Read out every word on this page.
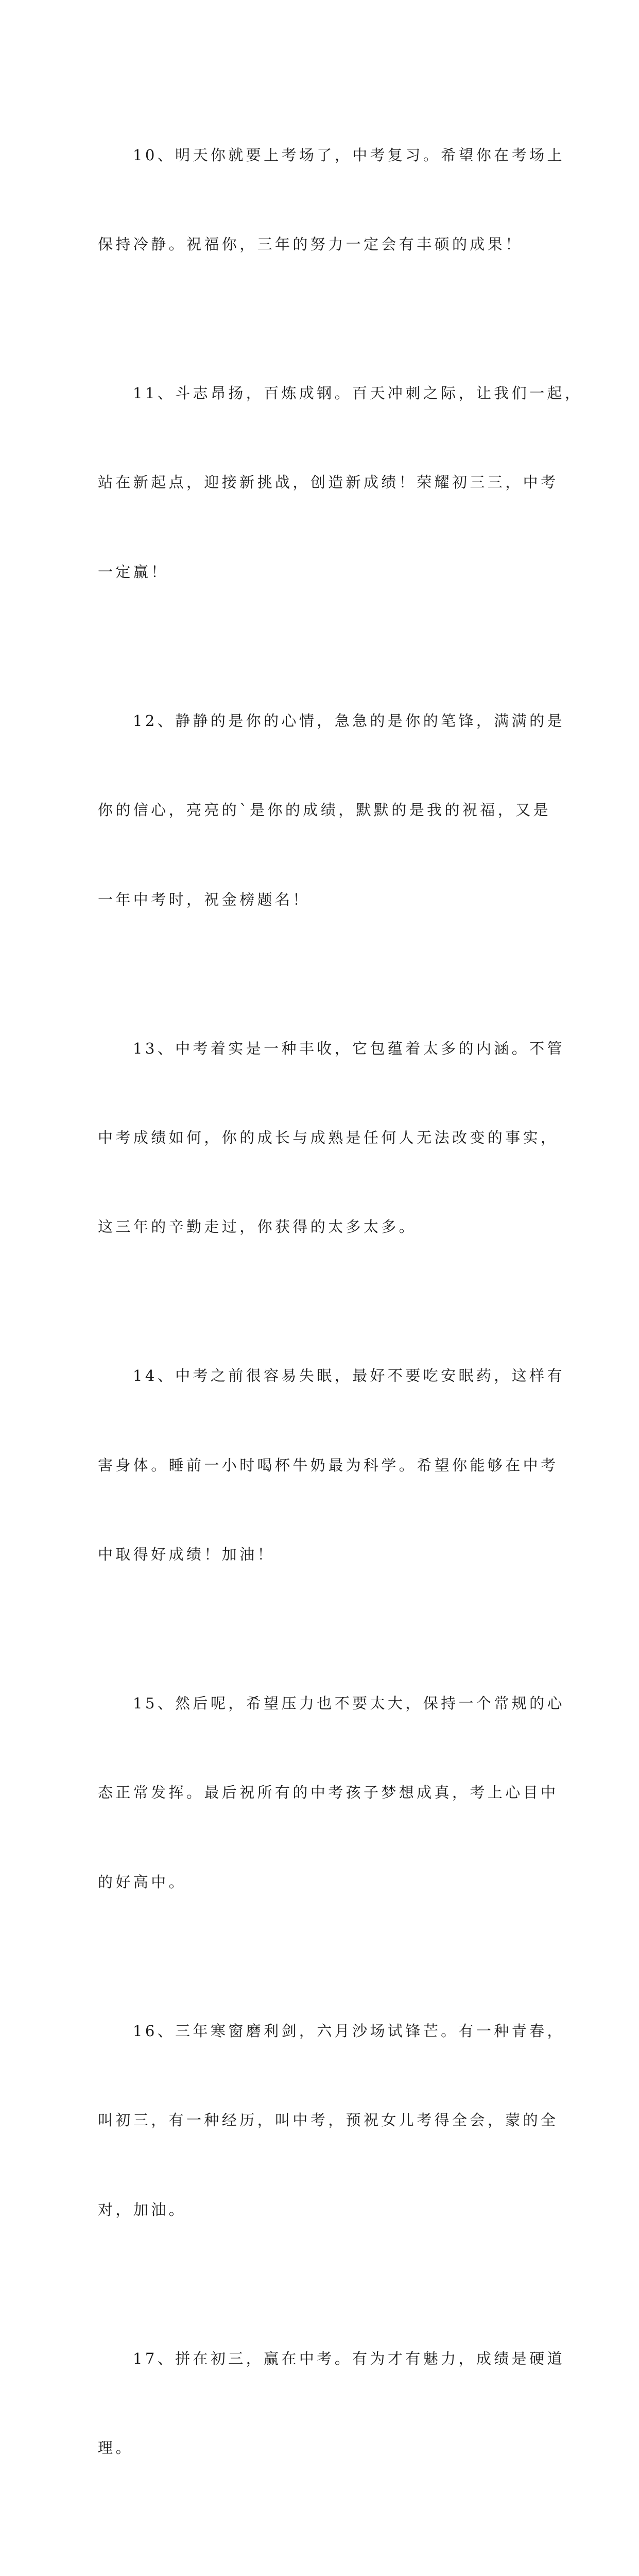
10、明天你就要上考场了，中考复习。希望你在考场上

保持冷静。祝福你，三年的努力一定会有丰硕的成果！

11、斗志昂扬，百炼成钢。百天冲刺之际，让我们一起，

站在新起点，迎接新挑战，创造新成绩！荣耀初三三，中考

一定赢！

12、静静的是你的心情，急急的是你的笔锋，满满的是

你的信心，亮亮的`是你的成绩，默默的是我的祝福，又是

一年中考时，祝金榜题名！

13、中考着实是一种丰收，它包蕴着太多的内涵。不管

中考成绩如何，你的成长与成熟是任何人无法改变的事实，

这三年的辛勤走过，你获得的太多太多。

14、中考之前很容易失眠，最好不要吃安眠药，这样有

害身体。睡前一小时喝杯牛奶最为科学。希望你能够在中考

中取得好成绩！加油！

15、然后呢，希望压力也不要太大，保持一个常规的心

态正常发挥。最后祝所有的中考孩子梦想成真，考上心目中

的好高中。

16、三年寒窗磨利剑，六月沙场试锋芒。有一种青春，

叫初三，有一种经历，叫中考，预祝女儿考得全会，蒙的全

对，加油。

17、拼在初三，赢在中考。有为才有魅力，成绩是硬道

理。
